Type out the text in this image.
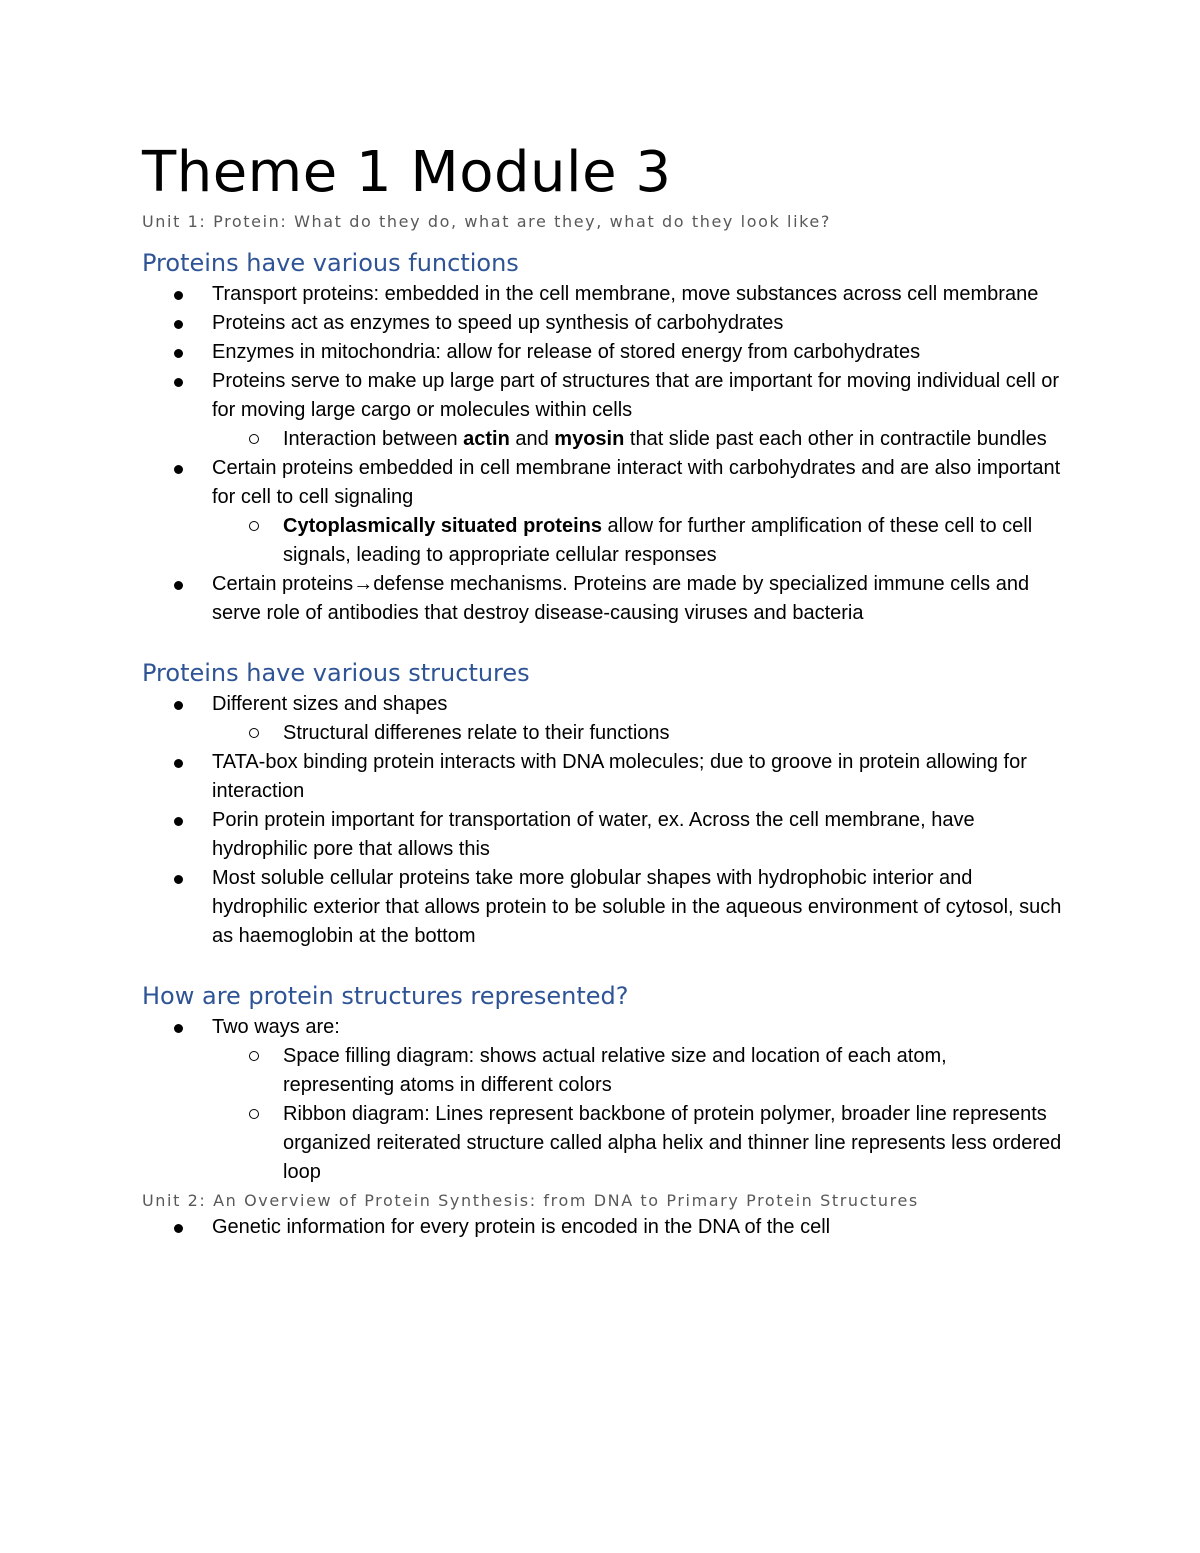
Theme 1 Module 3
Unit 1: Protein: What do they do, what are they, what do they look like?
Proteins have various functions
Transport proteins: embedded in the cell membrane, move substances across cell membrane
Proteins act as enzymes to speed up synthesis of carbohydrates
Enzymes in mitochondria: allow for release of stored energy from carbohydrates
Proteins serve to make up large part of structures that are important for moving individual cell or for moving large cargo or molecules within cells
Interaction between actin and myosin that slide past each other in contractile bundles
Certain proteins embedded in cell membrane interact with carbohydrates and are also important for cell to cell signaling
Cytoplasmically situated proteins allow for further amplification of these cell to cell signals, leading to appropriate cellular responses
Certain proteins→defense mechanisms. Proteins are made by specialized immune cells and serve role of antibodies that destroy disease-causing viruses and bacteria
Proteins have various structures
Different sizes and shapes
Structural differenes relate to their functions
TATA-box binding protein interacts with DNA molecules; due to groove in protein allowing for interaction
Porin protein important for transportation of water, ex. Across the cell membrane, have hydrophilic pore that allows this
Most soluble cellular proteins take more globular shapes with hydrophobic interior and hydrophilic exterior that allows protein to be soluble in the aqueous environment of cytosol, such as haemoglobin at the bottom
How are protein structures represented?
Two ways are:
Space filling diagram: shows actual relative size and location of each atom, representing atoms in different colors
Ribbon diagram: Lines represent backbone of protein polymer, broader line represents organized reiterated structure called alpha helix and thinner line represents less ordered loop
Unit 2: An Overview of Protein Synthesis: from DNA to Primary Protein Structures
Genetic information for every protein is encoded in the DNA of the cell
